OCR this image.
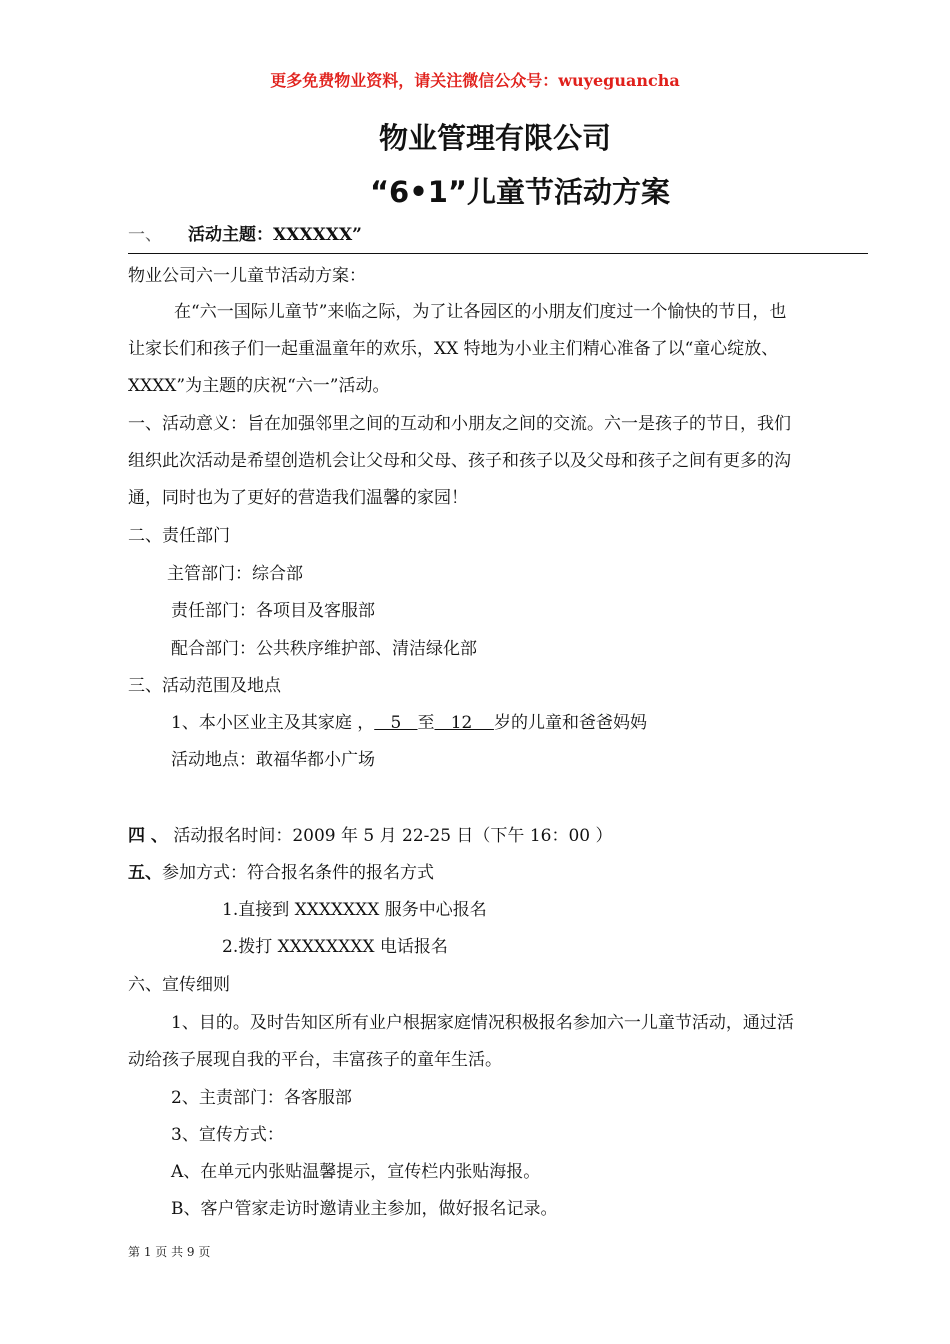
更多免费物业资料，请关注微信公众号：wuyeguancha
物业管理有限公司
“6•1”儿童节活动方案
一、 活动主题：XXXXXX”
物业公司六一儿童节活动方案：
在“六一国际儿童节”来临之际，为了让各园区的小朋友们度过一个愉快的节日，也
让家长们和孩子们一起重温童年的欢乐，XX 特地为小业主们精心准备了以“童心绽放、
XXXX”为主题的庆祝“六一”活动。
一、活动意义：旨在加强邻里之间的互动和小朋友之间的交流。六一是孩子的节日，我们
组织此次活动是希望创造机会让父母和父母、孩子和孩子以及父母和孩子之间有更多的沟
通，同时也为了更好的营造我们温馨的家园！
二、责任部门
主管部门：综合部
责任部门：各项目及客服部
配合部门：公共秩序维护部、清洁绿化部
三、活动范围及地点
1、本小区业主及其家庭 ，   5   至   12    岁的儿童和爸爸妈妈
活动地点：敢福华都小广场
四 、 活动报名时间：2009 年 5 月 22-25 日（下午 16：00 ）
五、参加方式：符合报名条件的报名方式
1.直接到 XXXXXXX 服务中心报名
2.拨打 XXXXXXXX 电话报名
六、宣传细则
1、目的。及时告知区所有业户根据家庭情况积极报名参加六一儿童节活动，通过活
动给孩子展现自我的平台，丰富孩子的童年生活。
2、主责部门：各客服部
3、宣传方式：
A、在单元内张贴温馨提示，宣传栏内张贴海报。
B、客户管家走访时邀请业主参加，做好报名记录。
第 1 页 共 9 页
